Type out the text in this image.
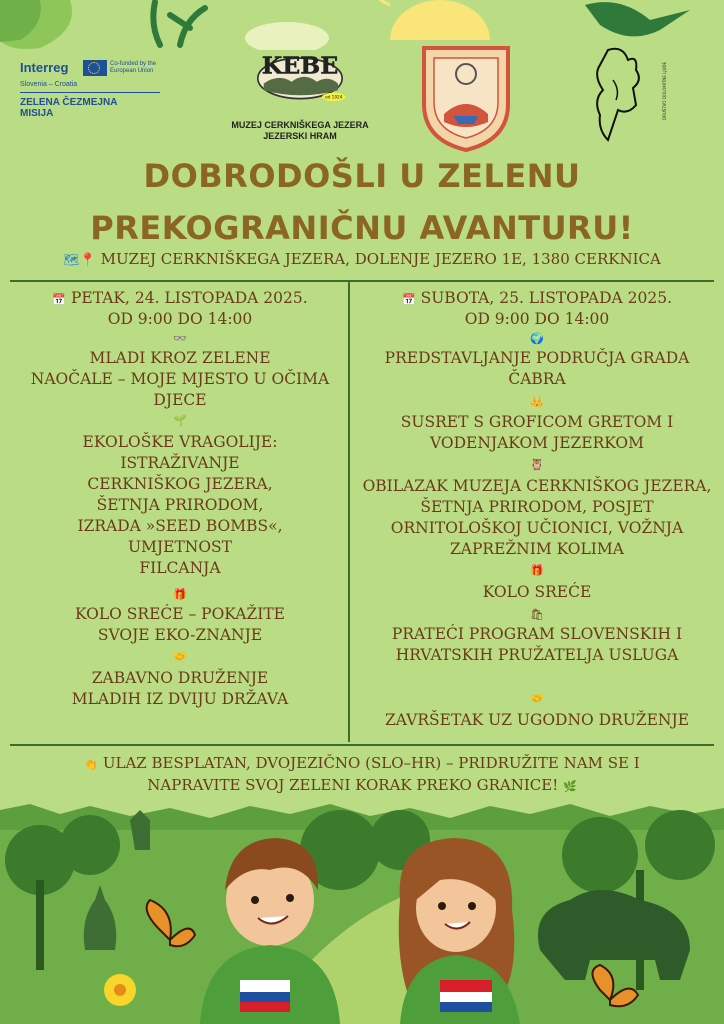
Interreg	Co-funded by the European Union
Slovenia – Croatia
ZELENA ČEZMEJNA MISIJA
KEBE
od 1924
MUZEJ CERKNIŠKEGA JEZERA
JEZERSKI HRAM
DRUŠTVO DOLOMITNE LJUDE
DOBRODOŠLI U ZELENU
PREKOGRANIČNU AVANTURU!
🗺📍 MUZEJ CERKNIŠKEGA JEZERA, DOLENJE JEZERO 1E, 1380 CERKNICA
📅 PETAK, 24. LISTOPADA 2025.
OD 9:00 DO 14:00
👓
MLADI KROZ ZELENE
NAOČALE – MOJE MJESTO U OČIMA
DJECE
🌱
EKOLOŠKE VRAGOLIJE:
ISTRAŽIVANJE
CERKNIŠKOG JEZERA,
ŠETNJA PRIRODOM,
IZRADA »SEED BOMBS«,
UMJETNOST
FILCANJA
🎁
KOLO SREĆE – POKAŽITE
SVOJE EKO-ZNANJE
🤝
ZABAVNO DRUŽENJE
MLADIH IZ DVIJU DRŽAVA
📅 SUBOTA, 25. LISTOPADA 2025.
OD 9:00 DO 14:00
🌍
PREDSTAVLJANJE PODRUČJA GRADA
ČABRA
👑
SUSRET S GROFICOM GRETOM I
VODENJAKOM JEZERKOM
🦉
OBILAZAK MUZEJA CERKNIŠKOG JEZERA,
ŠETNJA PRIRODOM, POSJET
ORNITOLOŠKOJ UČIONICI, VOŽNJA
ZAPREŽNIM KOLIMA
🎁
KOLO SREĆE
🛍
PRATEĆI PROGRAM SLOVENSKIH I
HRVATSKIH PRUŽATELJA USLUGA
🤝
ZAVRŠETAK UZ UGODNO DRUŽENJE
👏 ULAZ BESPLATAN, DVOJEZIČNO (SLO–HR) – PRIDRUŽITE NAM SE I
NAPRAVITE SVOJ ZELENI KORAK PREKO GRANICE! 🌿
